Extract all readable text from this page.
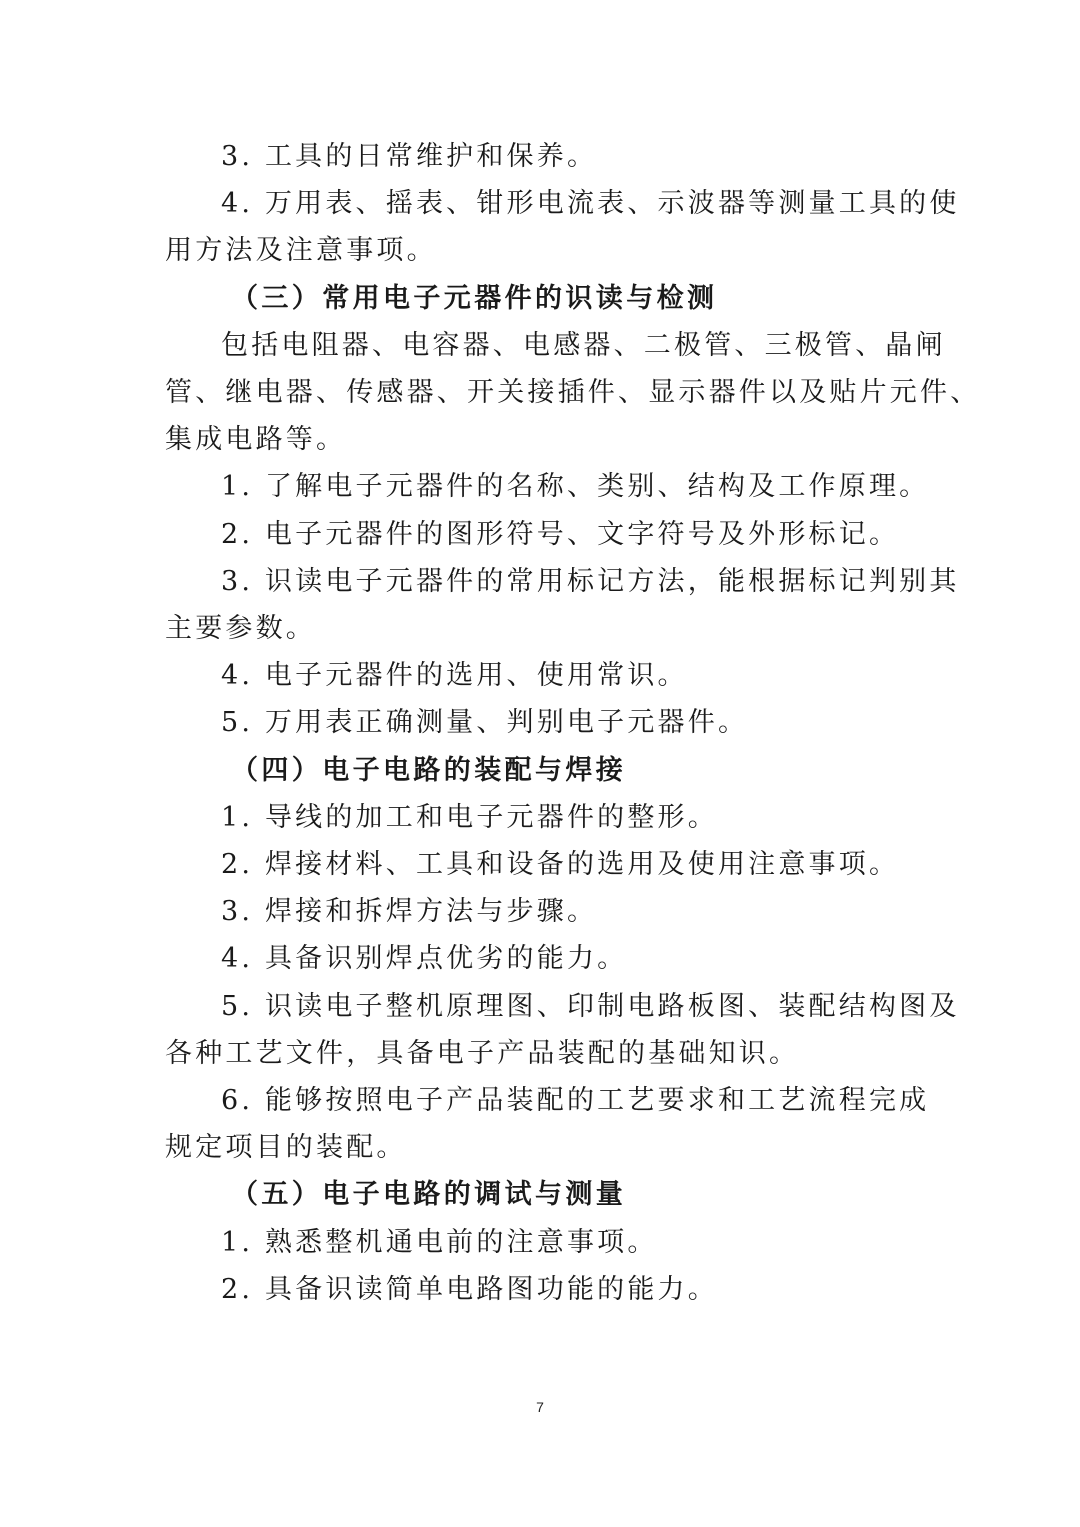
3. 工具的日常维护和保养。

4. 万用表、摇表、钳形电流表、示波器等测量工具的使

用方法及注意事项。

（三）常用电子元器件的识读与检测

包括电阻器、电容器、电感器、二极管、三极管、晶闸

管、继电器、传感器、开关接插件、显示器件以及贴片元件、

集成电路等。

1. 了解电子元器件的名称、类别、结构及工作原理。

2. 电子元器件的图形符号、文字符号及外形标记。

3. 识读电子元器件的常用标记方法，能根据标记判别其

主要参数。

4. 电子元器件的选用、使用常识。

5. 万用表正确测量、判别电子元器件。

（四）电子电路的装配与焊接

1. 导线的加工和电子元器件的整形。

2. 焊接材料、工具和设备的选用及使用注意事项。

3. 焊接和拆焊方法与步骤。

4. 具备识别焊点优劣的能力。

5. 识读电子整机原理图、印制电路板图、装配结构图及

各种工艺文件，具备电子产品装配的基础知识。

6. 能够按照电子产品装配的工艺要求和工艺流程完成

规定项目的装配。

（五）电子电路的调试与测量

1. 熟悉整机通电前的注意事项。

2. 具备识读简单电路图功能的能力。

7
